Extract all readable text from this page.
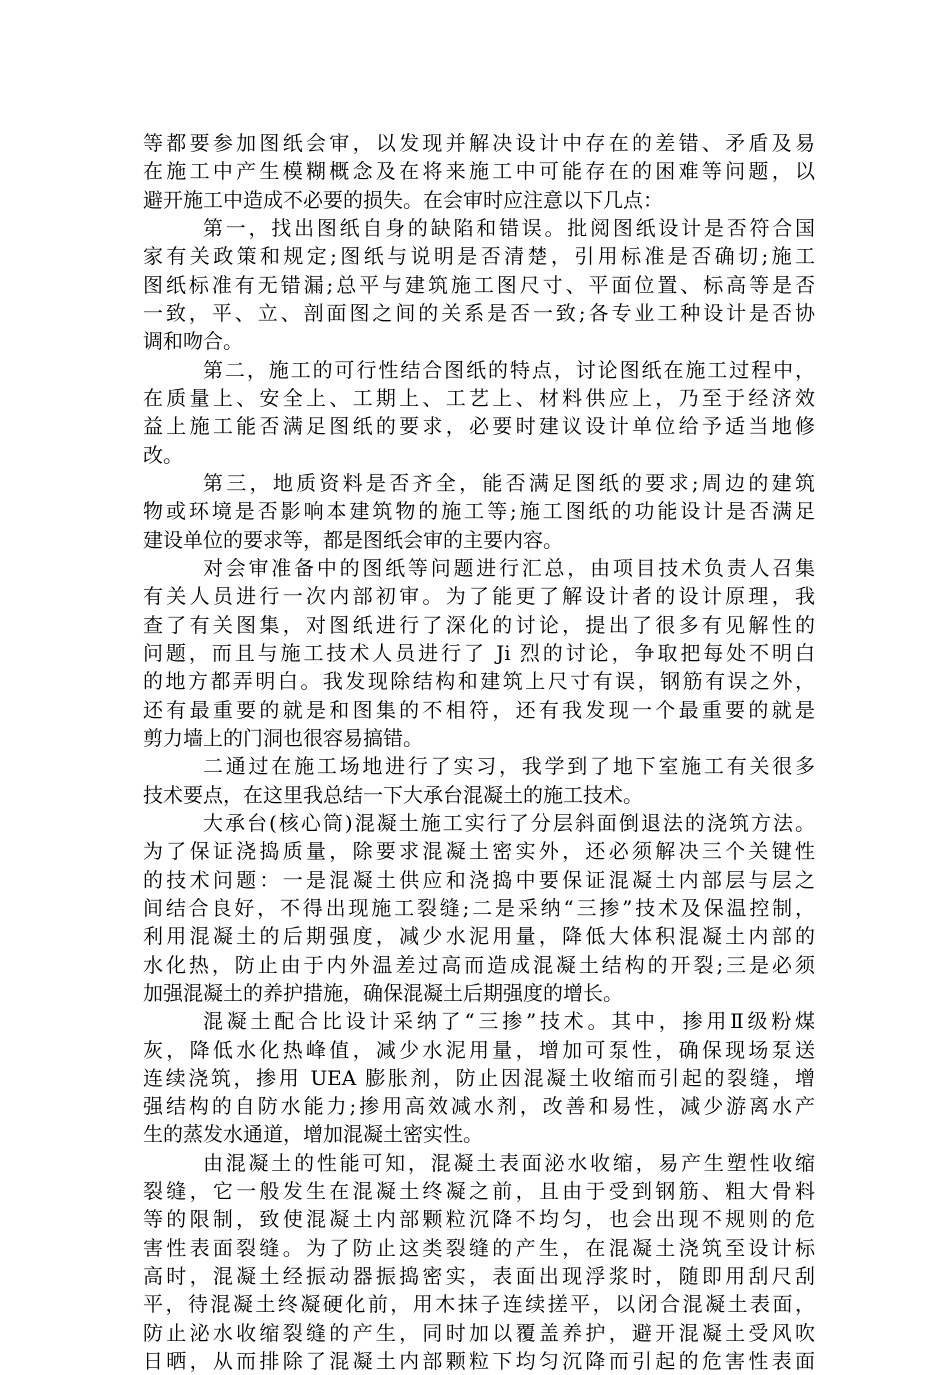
等都要参加图纸会审，以发现并解决设计中存在的差错、矛盾及易
在施工中产生模糊概念及在将来施工中可能存在的困难等问题，以
避开施工中造成不必要的损失。在会审时应注意以下几点：
第一，找出图纸自身的缺陷和错误。批阅图纸设计是否符合国
家有关政策和规定;图纸与说明是否清楚，引用标准是否确切;施工
图纸标准有无错漏;总平与建筑施工图尺寸、平面位置、标高等是否
一致，平、立、剖面图之间的关系是否一致;各专业工种设计是否协
调和吻合。
第二，施工的可行性结合图纸的特点，讨论图纸在施工过程中，
在质量上、安全上、工期上、工艺上、材料供应上，乃至于经济效
益上施工能否满足图纸的要求，必要时建议设计单位给予适当地修
改。
第三，地质资料是否齐全，能否满足图纸的要求;周边的建筑
物或环境是否影响本建筑物的施工等;施工图纸的功能设计是否满足
建设单位的要求等，都是图纸会审的主要内容。
对会审准备中的图纸等问题进行汇总，由项目技术负责人召集
有关人员进行一次内部初审。为了能更了解设计者的设计原理，我
查了有关图集，对图纸进行了深化的讨论，提出了很多有见解性的
问题，而且与施工技术人员进行了 Ji 烈的讨论，争取把每处不明白
的地方都弄明白。我发现除结构和建筑上尺寸有误，钢筋有误之外，
还有最重要的就是和图集的不相符，还有我发现一个最重要的就是
剪力墙上的门洞也很容易搞错。
二通过在施工场地进行了实习，我学到了地下室施工有关很多
技术要点，在这里我总结一下大承台混凝土的施工技术。
大承台(核心筒)混凝土施工实行了分层斜面倒退法的浇筑方法。
为了保证浇捣质量，除要求混凝土密实外，还必须解决三个关键性
的技术问题：一是混凝土供应和浇捣中要保证混凝土内部层与层之
间结合良好，不得出现施工裂缝;二是采纳“三掺”技术及保温控制，
利用混凝土的后期强度，减少水泥用量，降低大体积混凝土内部的
水化热，防止由于内外温差过高而造成混凝土结构的开裂;三是必须
加强混凝土的养护措施，确保混凝土后期强度的增长。
混凝土配合比设计采纳了“三掺”技术。其中，掺用Ⅱ级粉煤
灰，降低水化热峰值，减少水泥用量，增加可泵性，确保现场泵送
连续浇筑，掺用 UEA 膨胀剂，防止因混凝土收缩而引起的裂缝，增
强结构的自防水能力;掺用高效减水剂，改善和易性，减少游离水产
生的蒸发水通道，增加混凝土密实性。
由混凝土的性能可知，混凝土表面泌水收缩，易产生塑性收缩
裂缝，它一般发生在混凝土终凝之前，且由于受到钢筋、粗大骨料
等的限制，致使混凝土内部颗粒沉降不均匀，也会出现不规则的危
害性表面裂缝。为了防止这类裂缝的产生，在混凝土浇筑至设计标
高时，混凝土经振动器振捣密实，表面出现浮浆时，随即用刮尺刮
平，待混凝土终凝硬化前，用木抹子连续搓平，以闭合混凝土表面，
防止泌水收缩裂缝的产生，同时加以覆盖养护，避开混凝土受风吹
日晒，从而排除了混凝土内部颗粒下均匀沉降而引起的危害性表面
